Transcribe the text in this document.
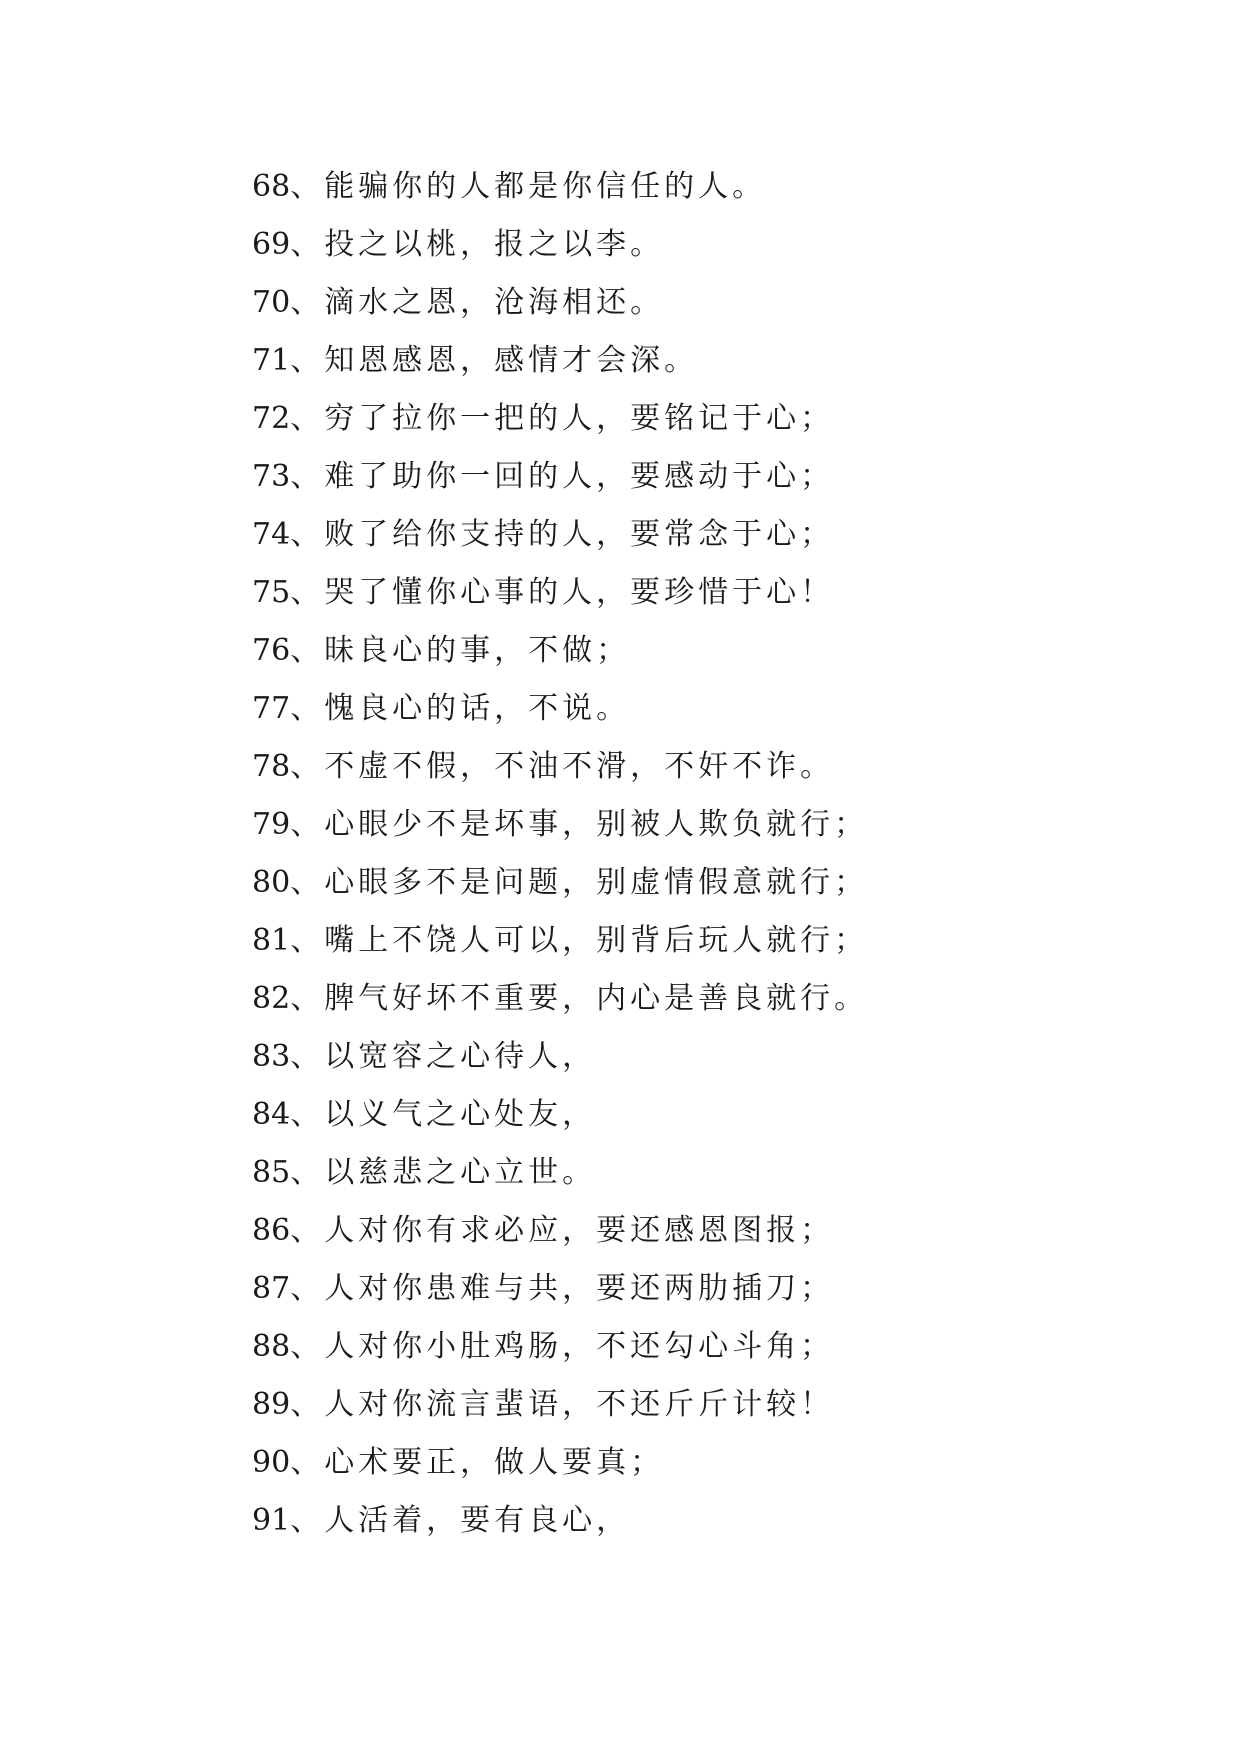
68、能骗你的人都是你信任的人。
69、投之以桃，报之以李。
70、滴水之恩，沧海相还。
71、知恩感恩，感情才会深。
72、穷了拉你一把的人，要铭记于心；
73、难了助你一回的人，要感动于心；
74、败了给你支持的人，要常念于心；
75、哭了懂你心事的人，要珍惜于心！
76、昧良心的事，不做；
77、愧良心的话，不说。
78、不虚不假，不油不滑，不奸不诈。
79、心眼少不是坏事，别被人欺负就行；
80、心眼多不是问题，别虚情假意就行；
81、嘴上不饶人可以，别背后玩人就行；
82、脾气好坏不重要，内心是善良就行。
83、以宽容之心待人，
84、以义气之心处友，
85、以慈悲之心立世。
86、人对你有求必应，要还感恩图报；
87、人对你患难与共，要还两肋插刀；
88、人对你小肚鸡肠，不还勾心斗角；
89、人对你流言蜚语，不还斤斤计较！
90、心术要正，做人要真；
91、人活着，要有良心，
